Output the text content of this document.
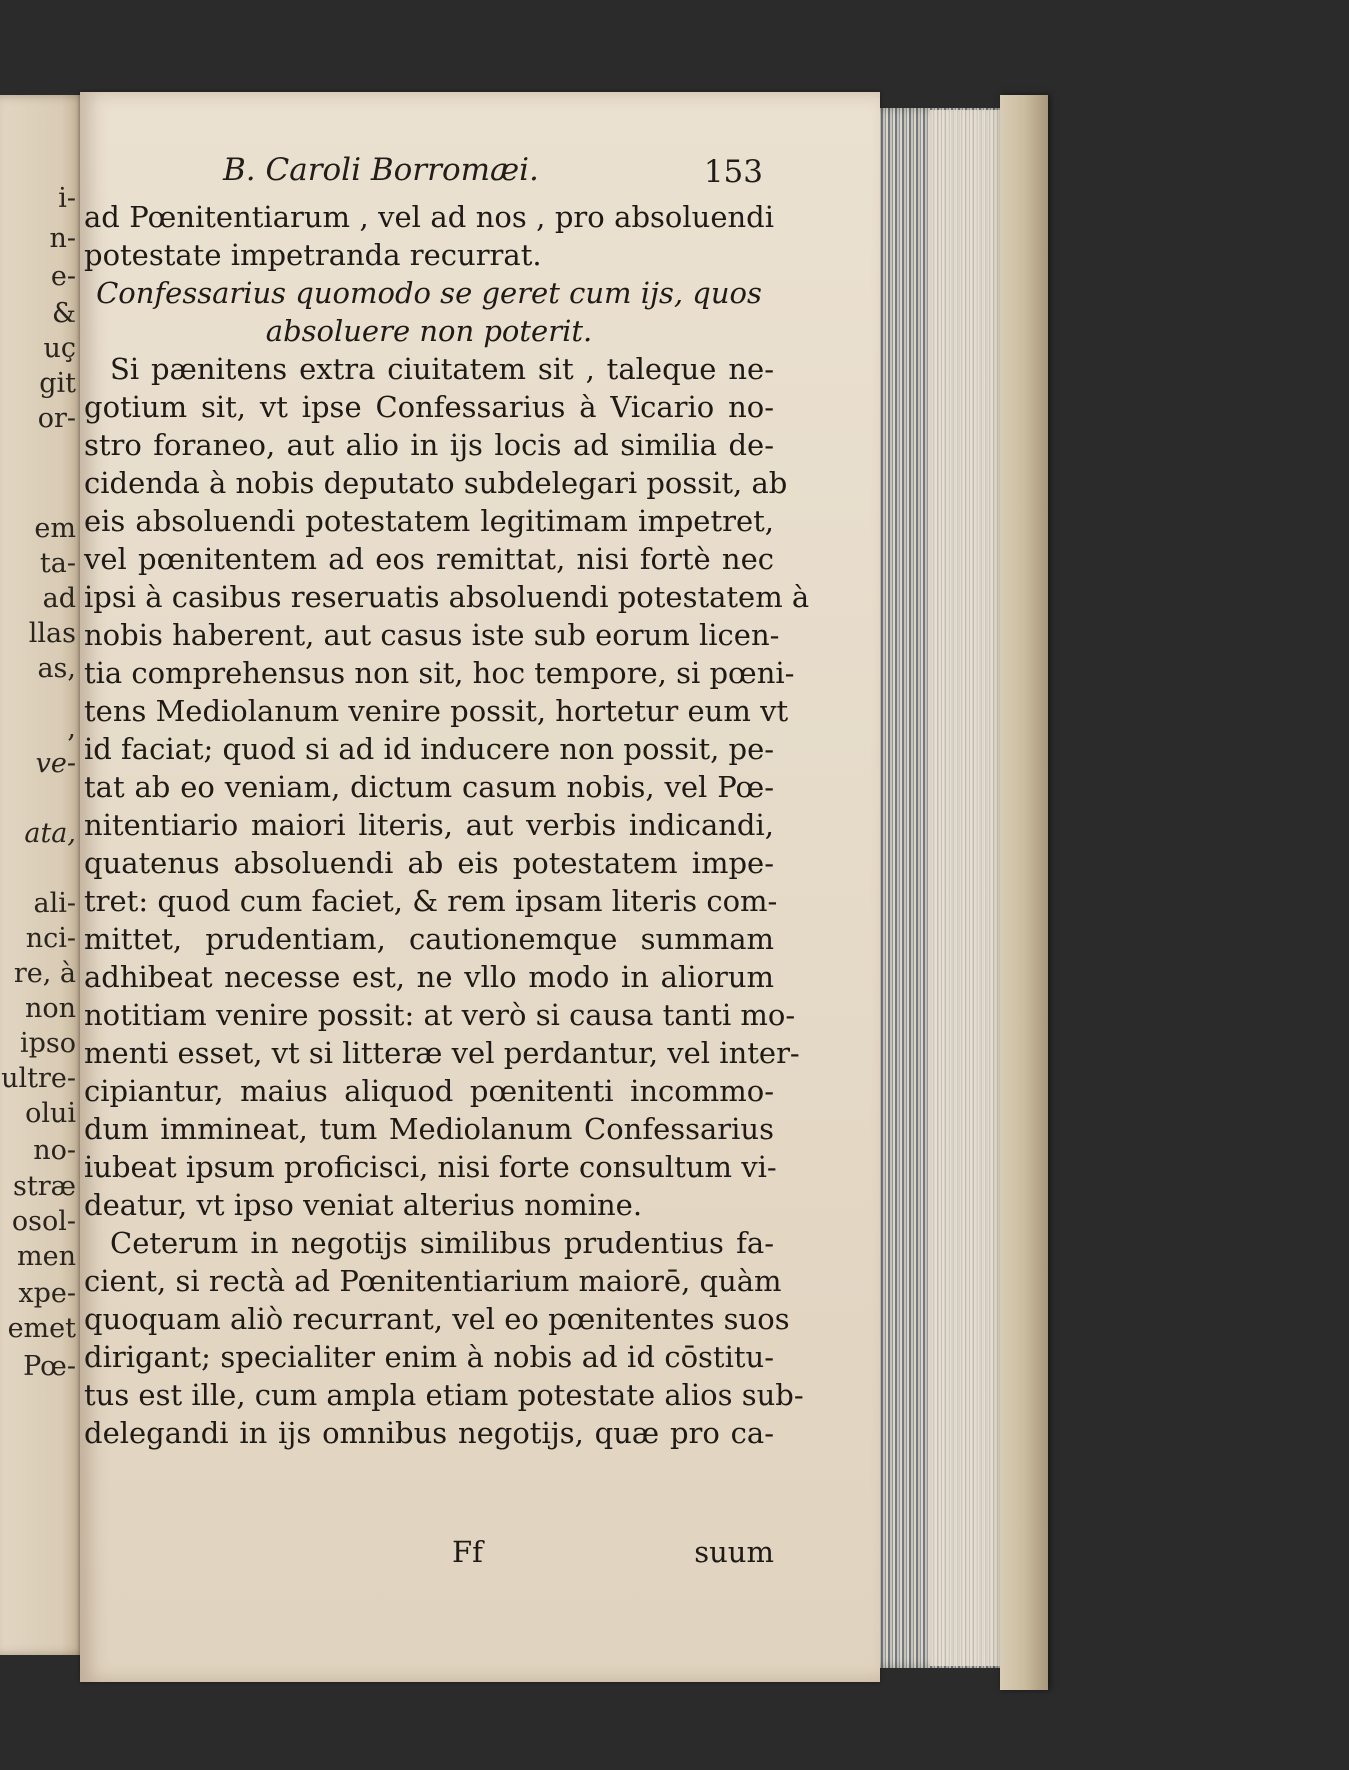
i-
n-
e-
&
uç
git
or-
em
ta-
ad
llas
as,
,
ve-
ata,
ali-
nci-
re, à
non
ipso
ultre-
olui
no-
stræ
osol-
men
xpe-
emet
Pœ-
B. Caroli Borromæi.	153
ad Pœnitentiarum , vel ad nos , pro absoluendi
potestate impetranda recurrat.
Confessarius quomodo se geret cum ijs, quos
absoluere non poterit.
Si pænitens extra ciuitatem sit , taleque ne-
gotium sit, vt ipse Confessarius à Vicario no-
stro foraneo, aut alio in ijs locis ad similia de-
cidenda à nobis deputato subdelegari possit, ab
eis absoluendi potestatem legitimam impetret,
vel pœnitentem ad eos remittat, nisi fortè nec
ipsi à casibus reseruatis absoluendi potestatem à
nobis haberent, aut casus iste sub eorum licen-
tia comprehensus non sit, hoc tempore, si pœni-
tens Mediolanum venire possit, hortetur eum vt
id faciat; quod si ad id inducere non possit, pe-
tat ab eo veniam, dictum casum nobis, vel Pœ-
nitentiario maiori literis, aut verbis indicandi,
quatenus absoluendi ab eis potestatem impe-
tret: quod cum faciet, & rem ipsam literis com-
mittet, prudentiam, cautionemque summam
adhibeat necesse est, ne vllo modo in aliorum
notitiam venire possit: at verò si causa tanti mo-
menti esset, vt si litteræ vel perdantur, vel inter-
cipiantur, maius aliquod pœnitenti incommo-
dum immineat, tum Mediolanum Confessarius
iubeat ipsum proficisci, nisi forte consultum vi-
deatur, vt ipso veniat alterius nomine.
Ceterum in negotijs similibus prudentius fa-
cient, si rectà ad Pœnitentiarium maiorē, quàm
quoquam aliò recurrant, vel eo pœnitentes suos
dirigant; specialiter enim à nobis ad id cōstitu-
tus est ille, cum ampla etiam potestate alios sub-
delegandi in ijs omnibus negotijs, quæ pro ca-
Ff	suum
